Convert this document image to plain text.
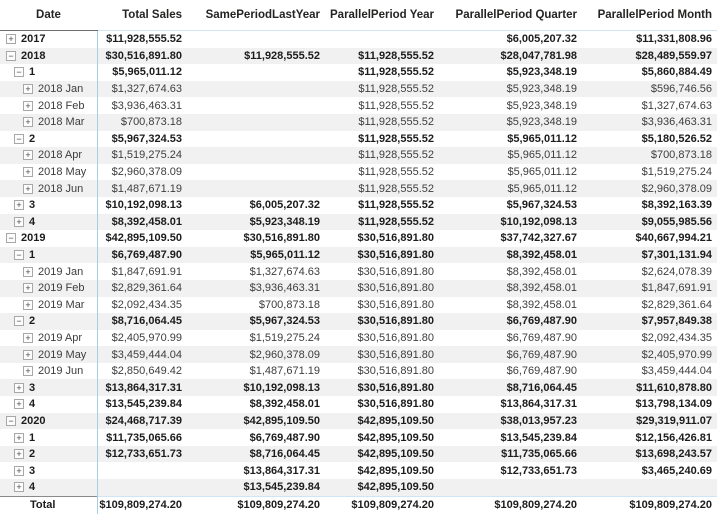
Date	Total Sales	SamePeriodLastYear	ParallelPeriod Year	ParallelPeriod Quarter	ParallelPeriod Month

+ 2017	$11,928,555.52			$6,005,207.32	$11,331,808.96

− 2018	$30,516,891.80	$11,928,555.52	$11,928,555.52	$28,047,781.98	$28,489,559.97

− 1	$5,965,011.12		$11,928,555.52	$5,923,348.19	$5,860,884.49

+ 2018 Jan	$1,327,674.63		$11,928,555.52	$5,923,348.19	$596,746.56

+ 2018 Feb	$3,936,463.31		$11,928,555.52	$5,923,348.19	$1,327,674.63

+ 2018 Mar	$700,873.18		$11,928,555.52	$5,923,348.19	$3,936,463.31

− 2	$5,967,324.53		$11,928,555.52	$5,965,011.12	$5,180,526.52

+ 2018 Apr	$1,519,275.24		$11,928,555.52	$5,965,011.12	$700,873.18

+ 2018 May	$2,960,378.09		$11,928,555.52	$5,965,011.12	$1,519,275.24

+ 2018 Jun	$1,487,671.19		$11,928,555.52	$5,965,011.12	$2,960,378.09

+ 3	$10,192,098.13	$6,005,207.32	$11,928,555.52	$5,967,324.53	$8,392,163.39

+ 4	$8,392,458.01	$5,923,348.19	$11,928,555.52	$10,192,098.13	$9,055,985.56

− 2019	$42,895,109.50	$30,516,891.80	$30,516,891.80	$37,742,327.67	$40,667,994.21

− 1	$6,769,487.90	$5,965,011.12	$30,516,891.80	$8,392,458.01	$7,301,131.94

+ 2019 Jan	$1,847,691.91	$1,327,674.63	$30,516,891.80	$8,392,458.01	$2,624,078.39

+ 2019 Feb	$2,829,361.64	$3,936,463.31	$30,516,891.80	$8,392,458.01	$1,847,691.91

+ 2019 Mar	$2,092,434.35	$700,873.18	$30,516,891.80	$8,392,458.01	$2,829,361.64

− 2	$8,716,064.45	$5,967,324.53	$30,516,891.80	$6,769,487.90	$7,957,849.38

+ 2019 Apr	$2,405,970.99	$1,519,275.24	$30,516,891.80	$6,769,487.90	$2,092,434.35

+ 2019 May	$3,459,444.04	$2,960,378.09	$30,516,891.80	$6,769,487.90	$2,405,970.99

+ 2019 Jun	$2,850,649.42	$1,487,671.19	$30,516,891.80	$6,769,487.90	$3,459,444.04

+ 3	$13,864,317.31	$10,192,098.13	$30,516,891.80	$8,716,064.45	$11,610,878.80

+ 4	$13,545,239.84	$8,392,458.01	$30,516,891.80	$13,864,317.31	$13,798,134.09

− 2020	$24,468,717.39	$42,895,109.50	$42,895,109.50	$38,013,957.23	$29,319,911.07

+ 1	$11,735,065.66	$6,769,487.90	$42,895,109.50	$13,545,239.84	$12,156,426.81

+ 2	$12,733,651.73	$8,716,064.45	$42,895,109.50	$11,735,065.66	$13,698,243.57

+ 3		$13,864,317.31	$42,895,109.50	$12,733,651.73	$3,465,240.69

+ 4		$13,545,239.84	$42,895,109.50		

Total	$109,809,274.20	$109,809,274.20	$109,809,274.20	$109,809,274.20	$109,809,274.20
